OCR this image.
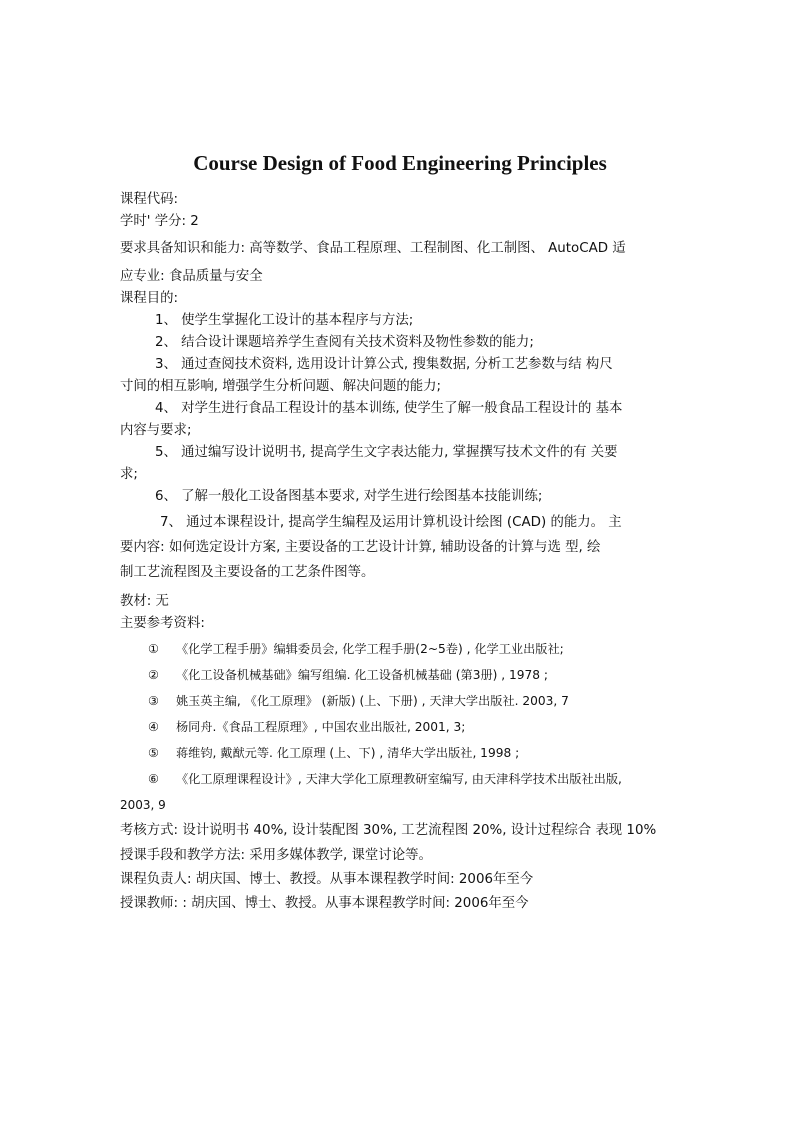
Course Design of Food Engineering Principles
课程代码:
学时' 学分: 2
要求具备知识和能力: 高等数学、食品工程原理、工程制图、化工制图、 AutoCAD 适
应专业: 食品质量与安全
课程目的:
1、 使学生掌握化工设计的基本程序与方法;
2、 结合设计课题培养学生查阅有关技术资料及物性参数的能力;
3、 通过查阅技术资料, 选用设计计算公式, 搜集数据, 分析工艺参数与结 构尺
寸间的相互影响, 增强学生分析问题、解决问题的能力;
4、 对学生进行食品工程设计的基本训练, 使学生了解一般食品工程设计的 基本
内容与要求;
5、 通过编写设计说明书, 提高学生文字表达能力, 掌握撰写技术文件的有 关要
求;
6、 了解一般化工设备图基本要求, 对学生进行绘图基本技能训练;
7、 通过本课程设计, 提高学生编程及运用计算机设计绘图 (CAD) 的能力。 主
要内容: 如何选定设计方案, 主要设备的工艺设计计算, 辅助设备的计算与选 型, 绘
制工艺流程图及主要设备的工艺条件图等。
教材: 无
主要参考资料:
① 《化学工程手册》编辑委员会, 化学工程手册(2~5卷) , 化学工业出版社;
② 《化工设备机械基础》编写组编. 化工设备机械基础 (第3册) , 1978 ;
③ 姚玉英主编, 《化工原理》 (新版) (上、下册) , 天津大学出版社. 2003, 7
④ 杨同舟.《食品工程原理》, 中国农业出版社, 2001, 3;
⑤ 蒋维钧, 戴猷元等. 化工原理 (上、下) , 清华大学出版社, 1998 ;
⑥ 《化工原理课程设计》, 天津大学化工原理教研室编写, 由天津科学技术出版社出版,
2003, 9
考核方式: 设计说明书 40%, 设计装配图 30%, 工艺流程图 20%, 设计过程综合 表现 10%
授课手段和教学方法: 采用多媒体教学, 课堂讨论等。
课程负责人: 胡庆国、博士、教授。从事本课程教学时间: 2006年至今
授课教师: : 胡庆国、博士、教授。从事本课程教学时间: 2006年至今
